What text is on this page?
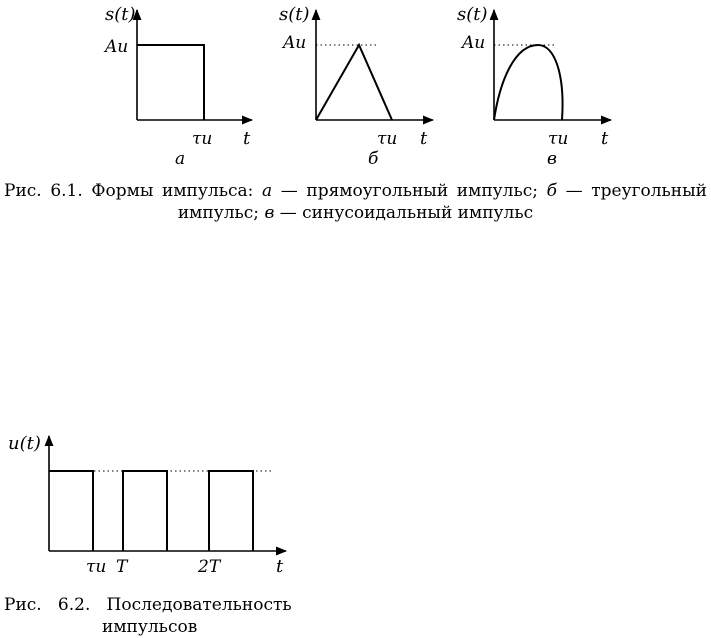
s(t)
Aи
τи t
а
s(t)
Aи
τи t
б
s(t)
Aи
τи t
в
u(t)
τи T	2T	t
Рис. 6.1. Формы импульса: а — прямоугольный импульс; б — треугольный импульс; в — синусоидальный импульс
Рис.   6.2.   Последовательность
импульсов
